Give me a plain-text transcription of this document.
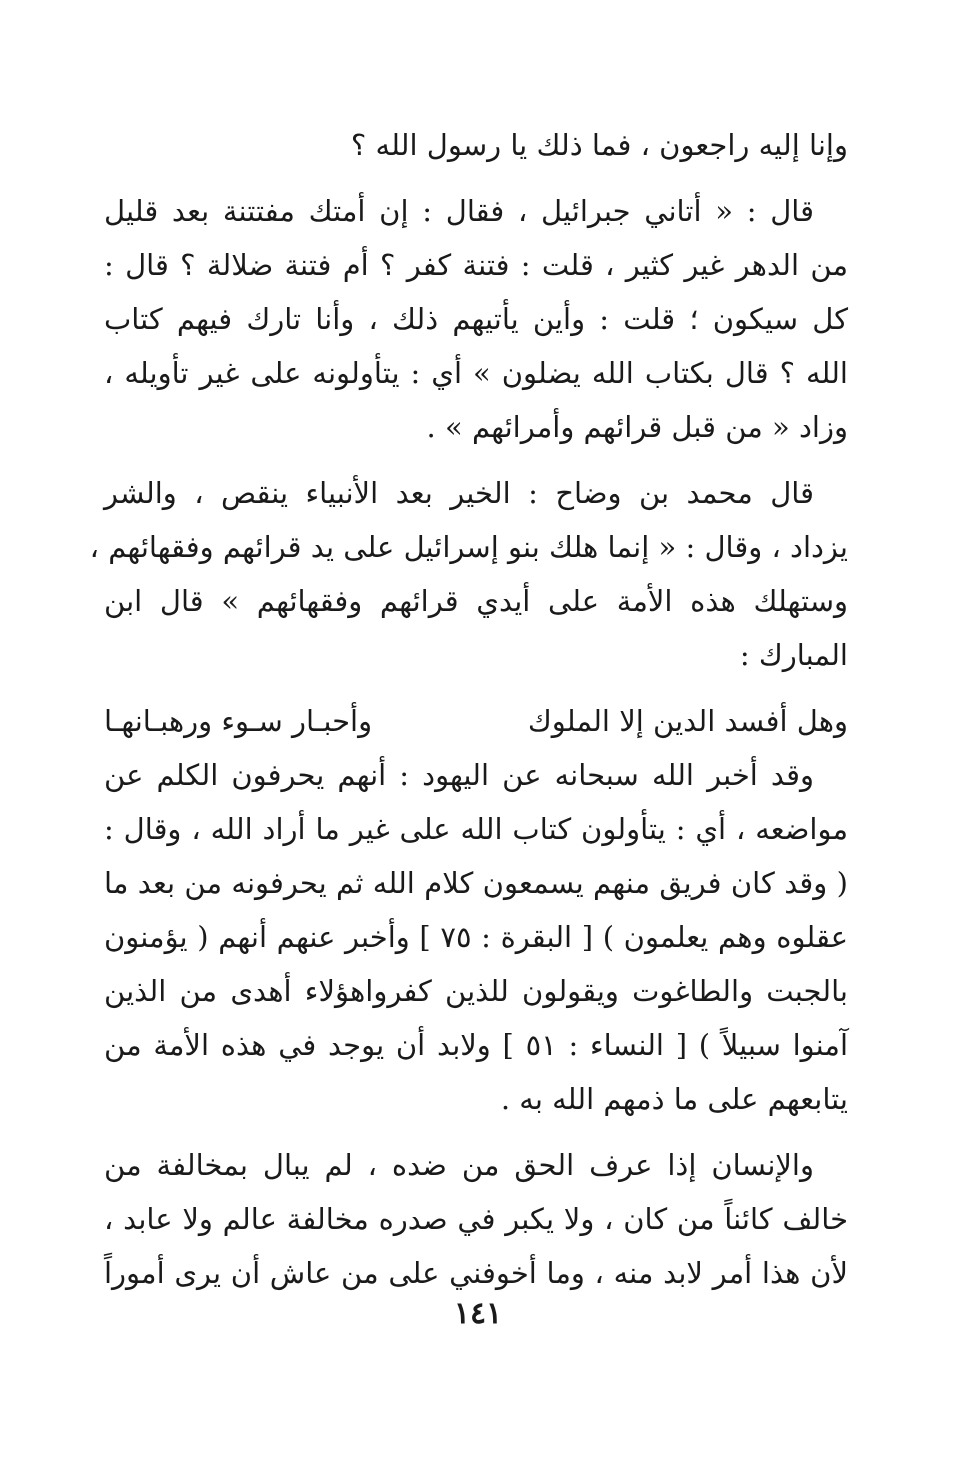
وإنا إليه راجعون ، فما ذلك يا رسول الله ؟
قال : « أتاني جبرائيل ، فقال : إن أمتك مفتتنة بعد قليل
من الدهر غير كثير ، قلت : فتنة كفر ؟ أم فتنة ضلالة ؟ قال :
كل سيكون ؛ قلت : وأين يأتيهم ذلك ، وأنا تارك فيهم كتاب
الله ؟ قال بكتاب الله يضلون » أي : يتأولونه على غير تأويله ،
وزاد « من قبل قرائهم وأمرائهم » .
قال محمد بن وضاح : الخير بعد الأنبياء ينقص ، والشر
يزداد ، وقال : « إنما هلك بنو إسرائيل على يد قرائهم وفقهائهم ،
وستهلك هذه الأمة على أيدي قرائهم وفقهائهم » قال ابن
المبارك :
وهل أفسد الدين إلا الملوك
وأحبـار سـوء ورهبـانهـا
وقد أخبر الله سبحانه عن اليهود : أنهم يحرفون الكلم عن
مواضعه ، أي : يتأولون كتاب الله على غير ما أراد الله ، وقال :
( وقد كان فريق منهم يسمعون كلام الله ثم يحرفونه من بعد ما
عقلوه وهم يعلمون ) [ البقرة : ٧٥ ] وأخبر عنهم أنهم ( يؤمنون
بالجبت والطاغوت ويقولون للذين كفرواهؤلاء أهدى من الذين
آمنوا سبيلاً ) [ النساء : ٥١ ] ولابد أن يوجد في هذه الأمة من
يتابعهم على ما ذمهم الله به .
والإنسان إذا عرف الحق من ضده ، لم يبال بمخالفة من
خالف كائناً من كان ، ولا يكبر في صدره مخالفة عالم ولا عابد ،
لأن هذا أمر لابد منه ، وما أخوفني على من عاش أن يرى أموراً
١٤١
